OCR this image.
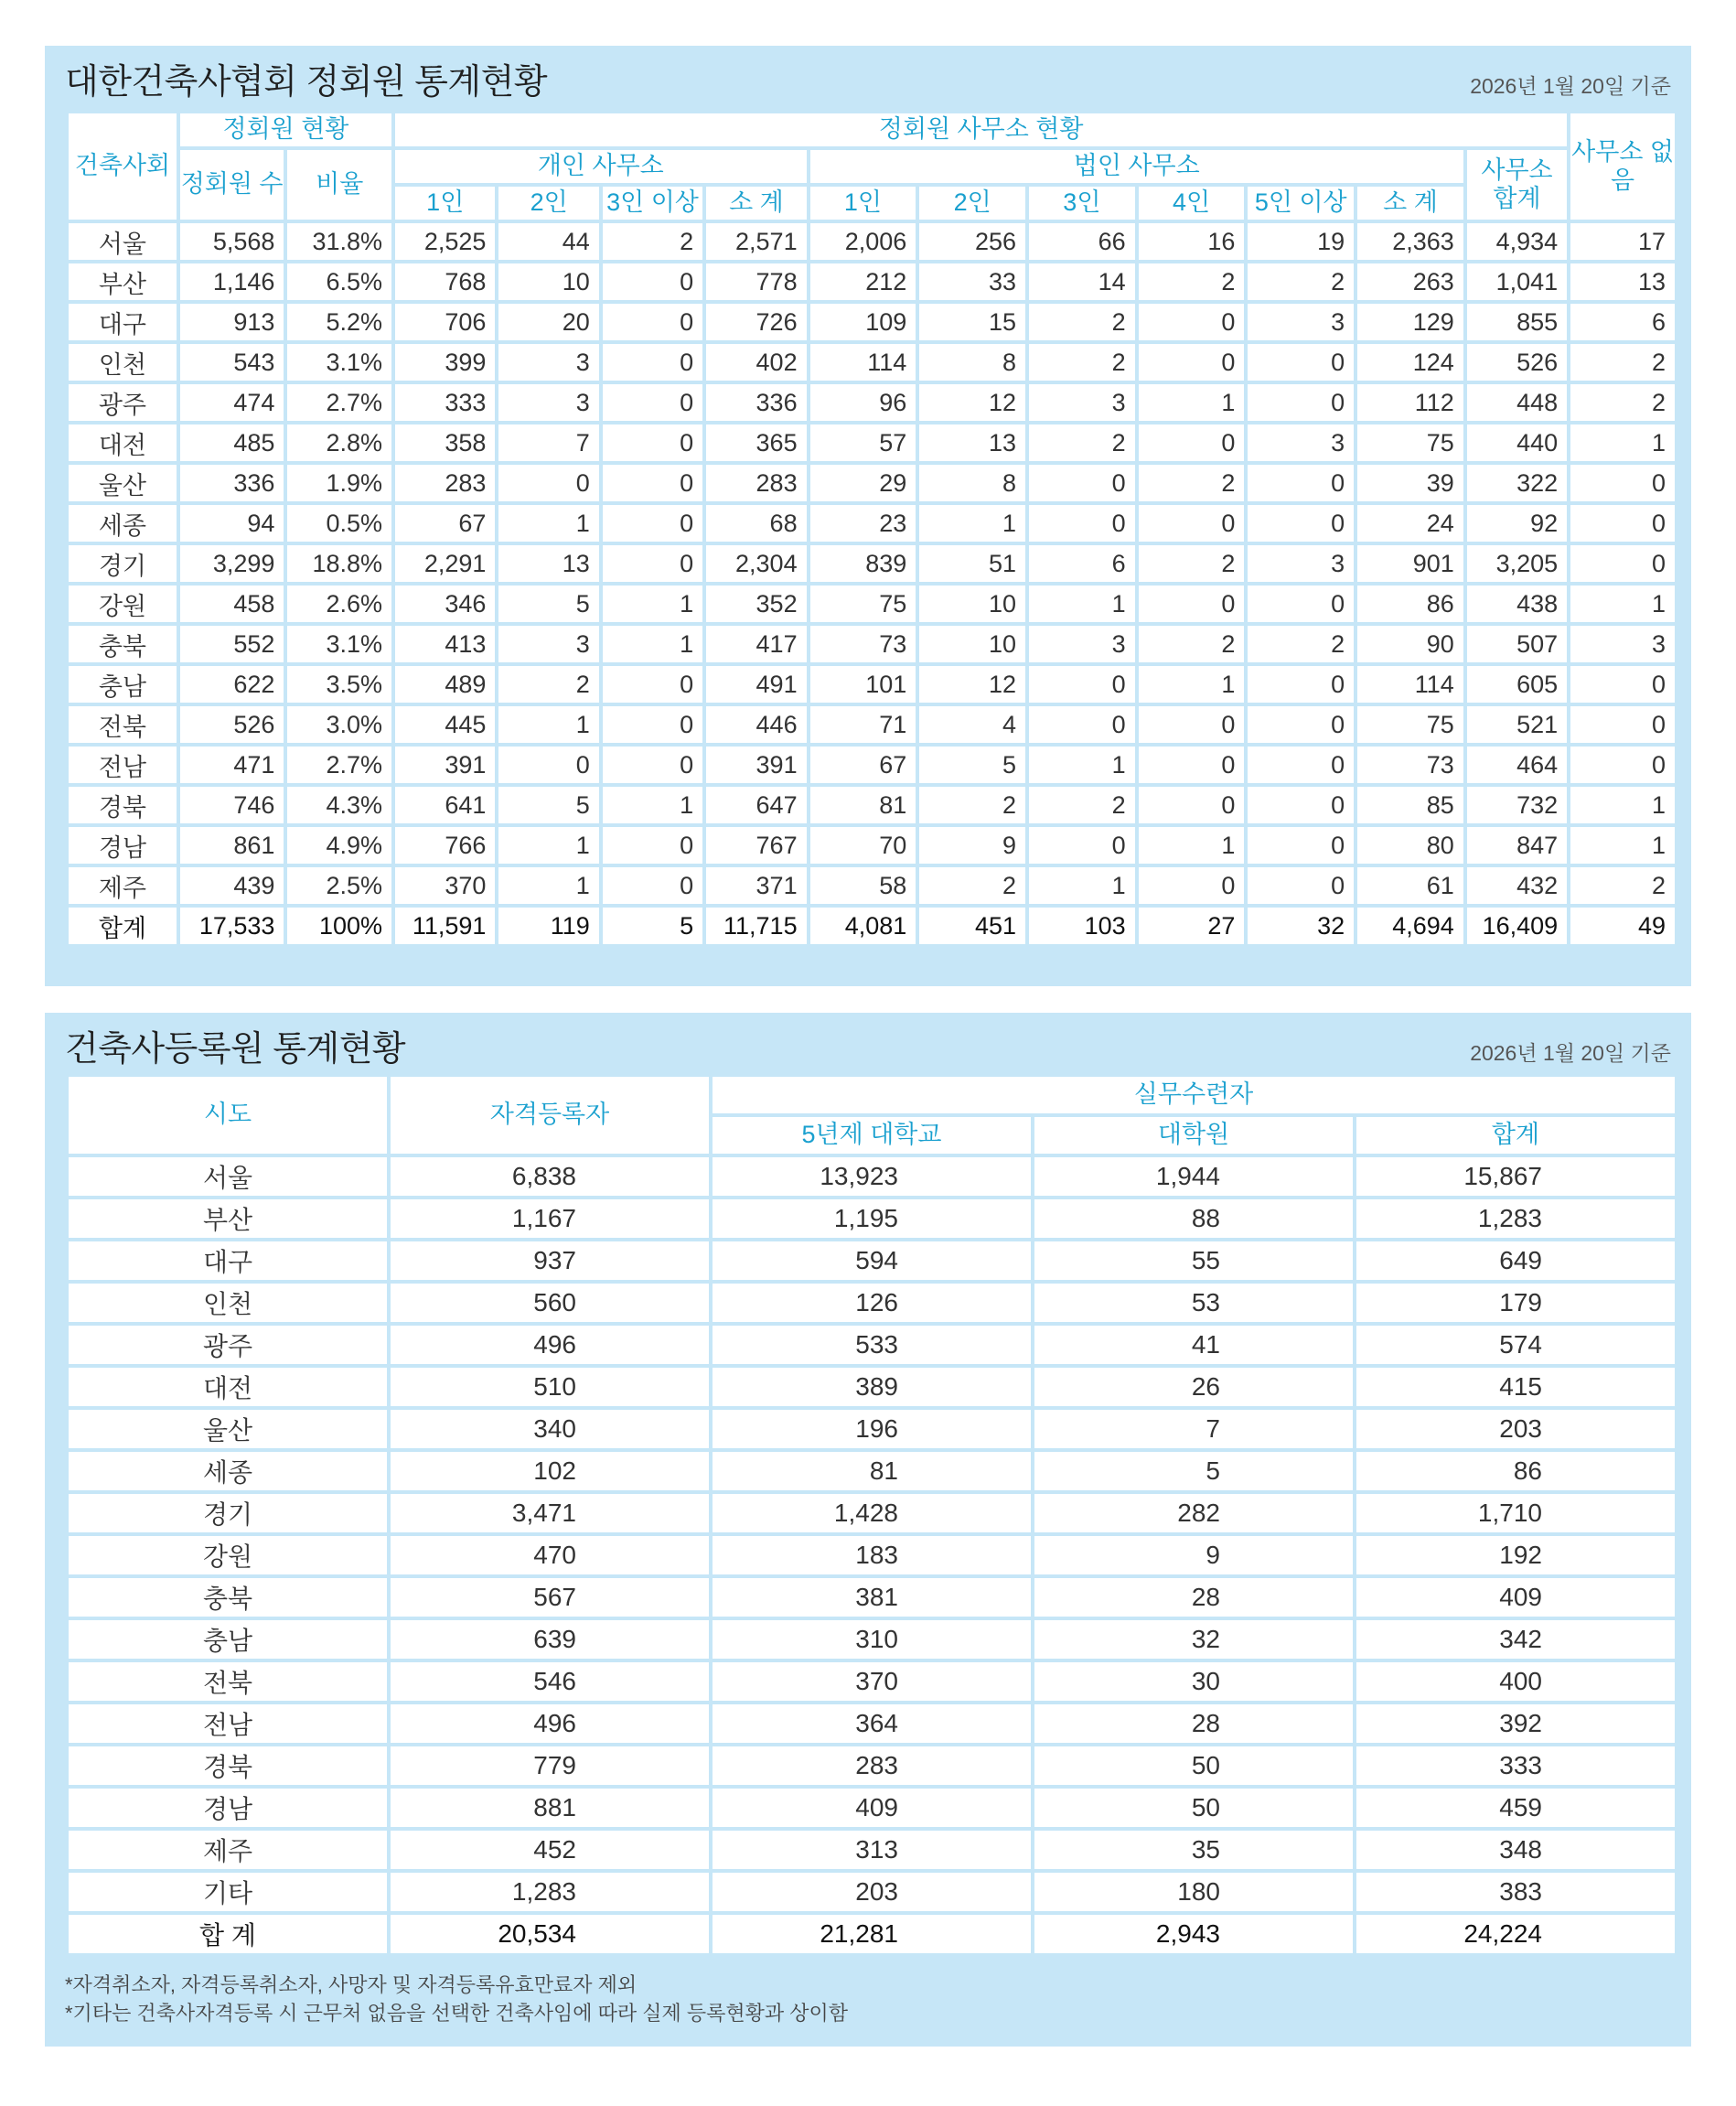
대한건축사협회 정회원 통계현황	2026년 1월 20일 기준
건축사회	정회원 현황		정회원 사무소 현황											사무소 없음
	정회원 수	비율	개인 사무소				법인 사무소						사무소 합계	
			1인	2인	3인 이상	소 계	1인	2인	3인	4인	5인 이상	소 계		
서울	5,568	31.8%	2,525	44	2	2,571	2,006	256	66	16	19	2,363	4,934	17
부산	1,146	6.5%	768	10	0	778	212	33	14	2	2	263	1,041	13
대구	913	5.2%	706	20	0	726	109	15	2	0	3	129	855	6
인천	543	3.1%	399	3	0	402	114	8	2	0	0	124	526	2
광주	474	2.7%	333	3	0	336	96	12	3	1	0	112	448	2
대전	485	2.8%	358	7	0	365	57	13	2	0	3	75	440	1
울산	336	1.9%	283	0	0	283	29	8	0	2	0	39	322	0
세종	94	0.5%	67	1	0	68	23	1	0	0	0	24	92	0
경기	3,299	18.8%	2,291	13	0	2,304	839	51	6	2	3	901	3,205	0
강원	458	2.6%	346	5	1	352	75	10	1	0	0	86	438	1
충북	552	3.1%	413	3	1	417	73	10	3	2	2	90	507	3
충남	622	3.5%	489	2	0	491	101	12	0	1	0	114	605	0
전북	526	3.0%	445	1	0	446	71	4	0	0	0	75	521	0
전남	471	2.7%	391	0	0	391	67	5	1	0	0	73	464	0
경북	746	4.3%	641	5	1	647	81	2	2	0	0	85	732	1
경남	861	4.9%	766	1	0	767	70	9	0	1	0	80	847	1
제주	439	2.5%	370	1	0	371	58	2	1	0	0	61	432	2
합계	17,533	100%	11,591	119	5	11,715	4,081	451	103	27	32	4,694	16,409	49
건축사등록원 통계현황	2026년 1월 20일 기준
시도	자격등록자	실무수련자		
		5년제 대학교	대학원	합계
서울	6,838	13,923	1,944	15,867
부산	1,167	1,195	88	1,283
대구	937	594	55	649
인천	560	126	53	179
광주	496	533	41	574
대전	510	389	26	415
울산	340	196	7	203
세종	102	81	5	86
경기	3,471	1,428	282	1,710
강원	470	183	9	192
충북	567	381	28	409
충남	639	310	32	342
전북	546	370	30	400
전남	496	364	28	392
경북	779	283	50	333
경남	881	409	50	459
제주	452	313	35	348
기타	1,283	203	180	383
합 계	20,534	21,281	2,943	24,224
*자격취소자, 자격등록취소자, 사망자 및 자격등록유효만료자 제외
*기타는 건축사자격등록 시 근무처 없음을 선택한 건축사임에 따라 실제 등록현황과 상이함
